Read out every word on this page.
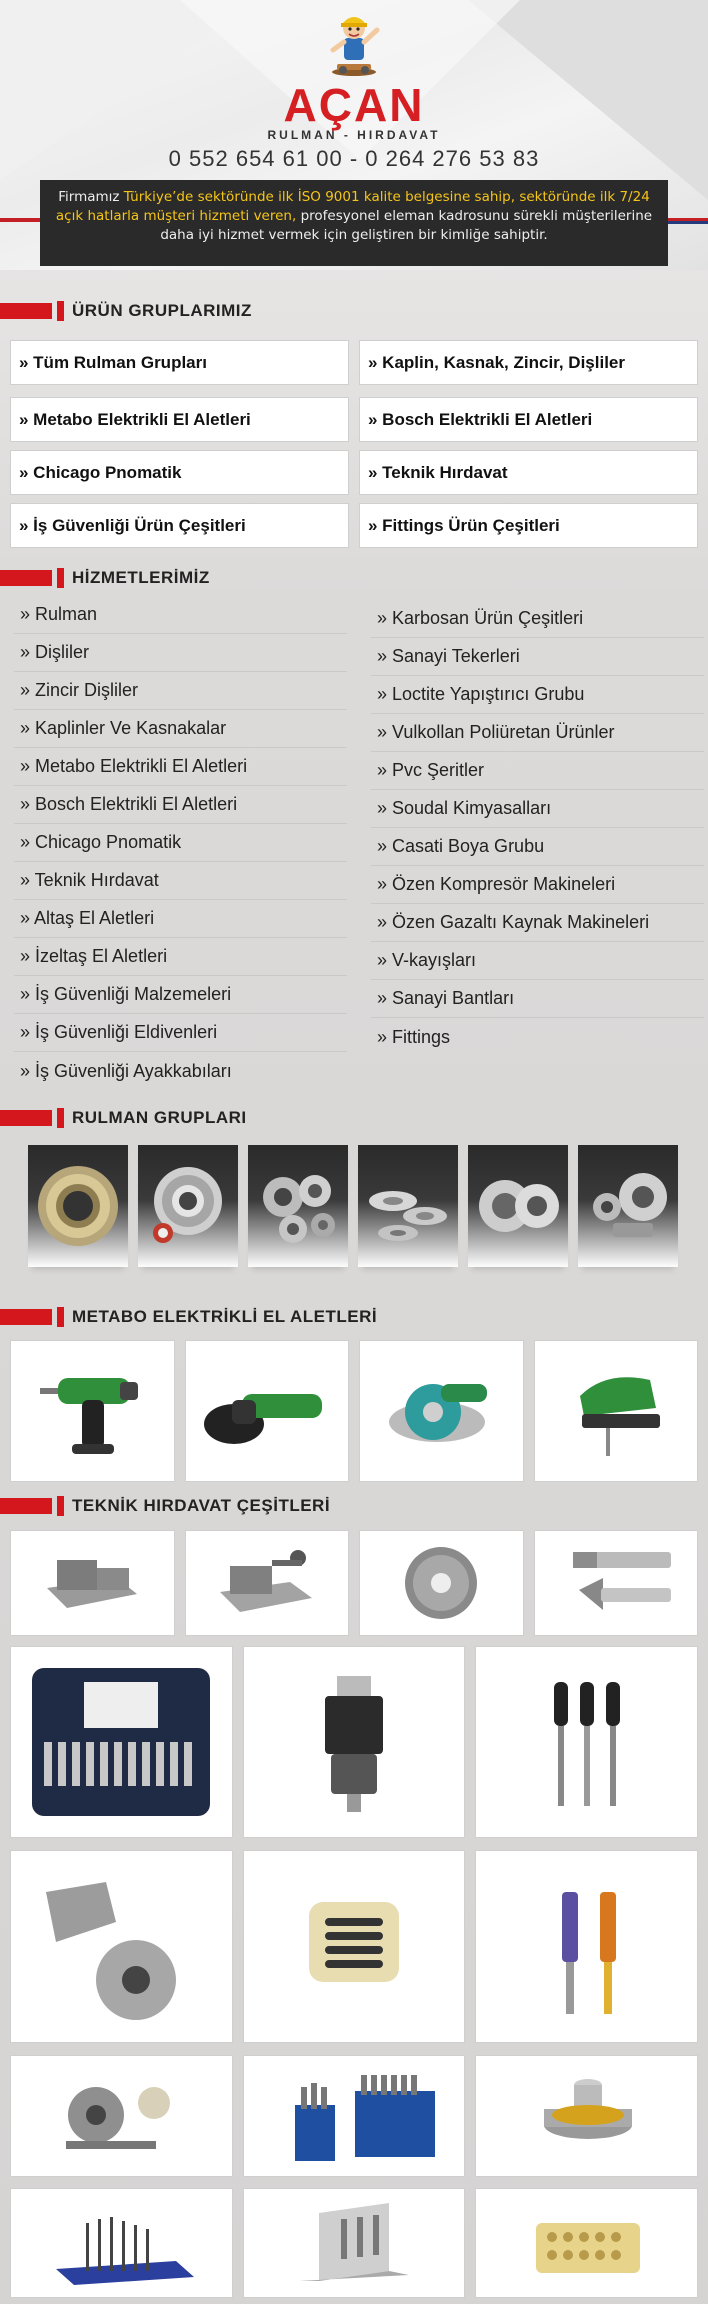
AÇAN
RULMAN - HIRDAVAT
0 552 654 61 00 - 0 264 276 53 83
Firmamız Türkiye’de sektöründe ilk İSO 9001 kalite belgesine sahip, sektöründe ilk 7/24 açık hatlarla müşteri hizmeti veren, profesyonel eleman kadrosunu sürekli müşterilerine daha iyi hizmet vermek için geliştiren bir kimliğe sahiptir.
ÜRÜN GRUPLARIMIZ
» Tüm Rulman Grupları	» Kaplin, Kasnak, Zincir, Dişliler
» Metabo Elektrikli El Aletleri	» Bosch Elektrikli El Aletleri
» Chicago Pnomatik	» Teknik Hırdavat
» İş Güvenliği Ürün Çeşitleri	» Fittings Ürün Çeşitleri
HİZMETLERİMİZ
» Rulman
» Dişliler
» Zincir Dişliler
» Kaplinler Ve Kasnakalar
» Metabo Elektrikli El Aletleri
» Bosch Elektrikli El Aletleri
» Chicago Pnomatik
» Teknik Hırdavat
» Altaş El Aletleri
» İzeltaş El Aletleri
» İş Güvenliği Malzemeleri
» İş Güvenliği Eldivenleri
» İş Güvenliği Ayakkabıları
» Karbosan Ürün Çeşitleri
» Sanayi Tekerleri
» Loctite Yapıştırıcı Grubu
» Vulkollan Poliüretan Ürünler
» Pvc Şeritler
» Soudal Kimyasalları
» Casati Boya Grubu
» Özen Kompresör Makineleri
» Özen Gazaltı Kaynak Makineleri
» V-kayışları
» Sanayi Bantları
» Fittings
RULMAN GRUPLARI
METABO ELEKTRİKLİ EL ALETLERİ
TEKNİK HIRDAVAT ÇEŞİTLERİ
